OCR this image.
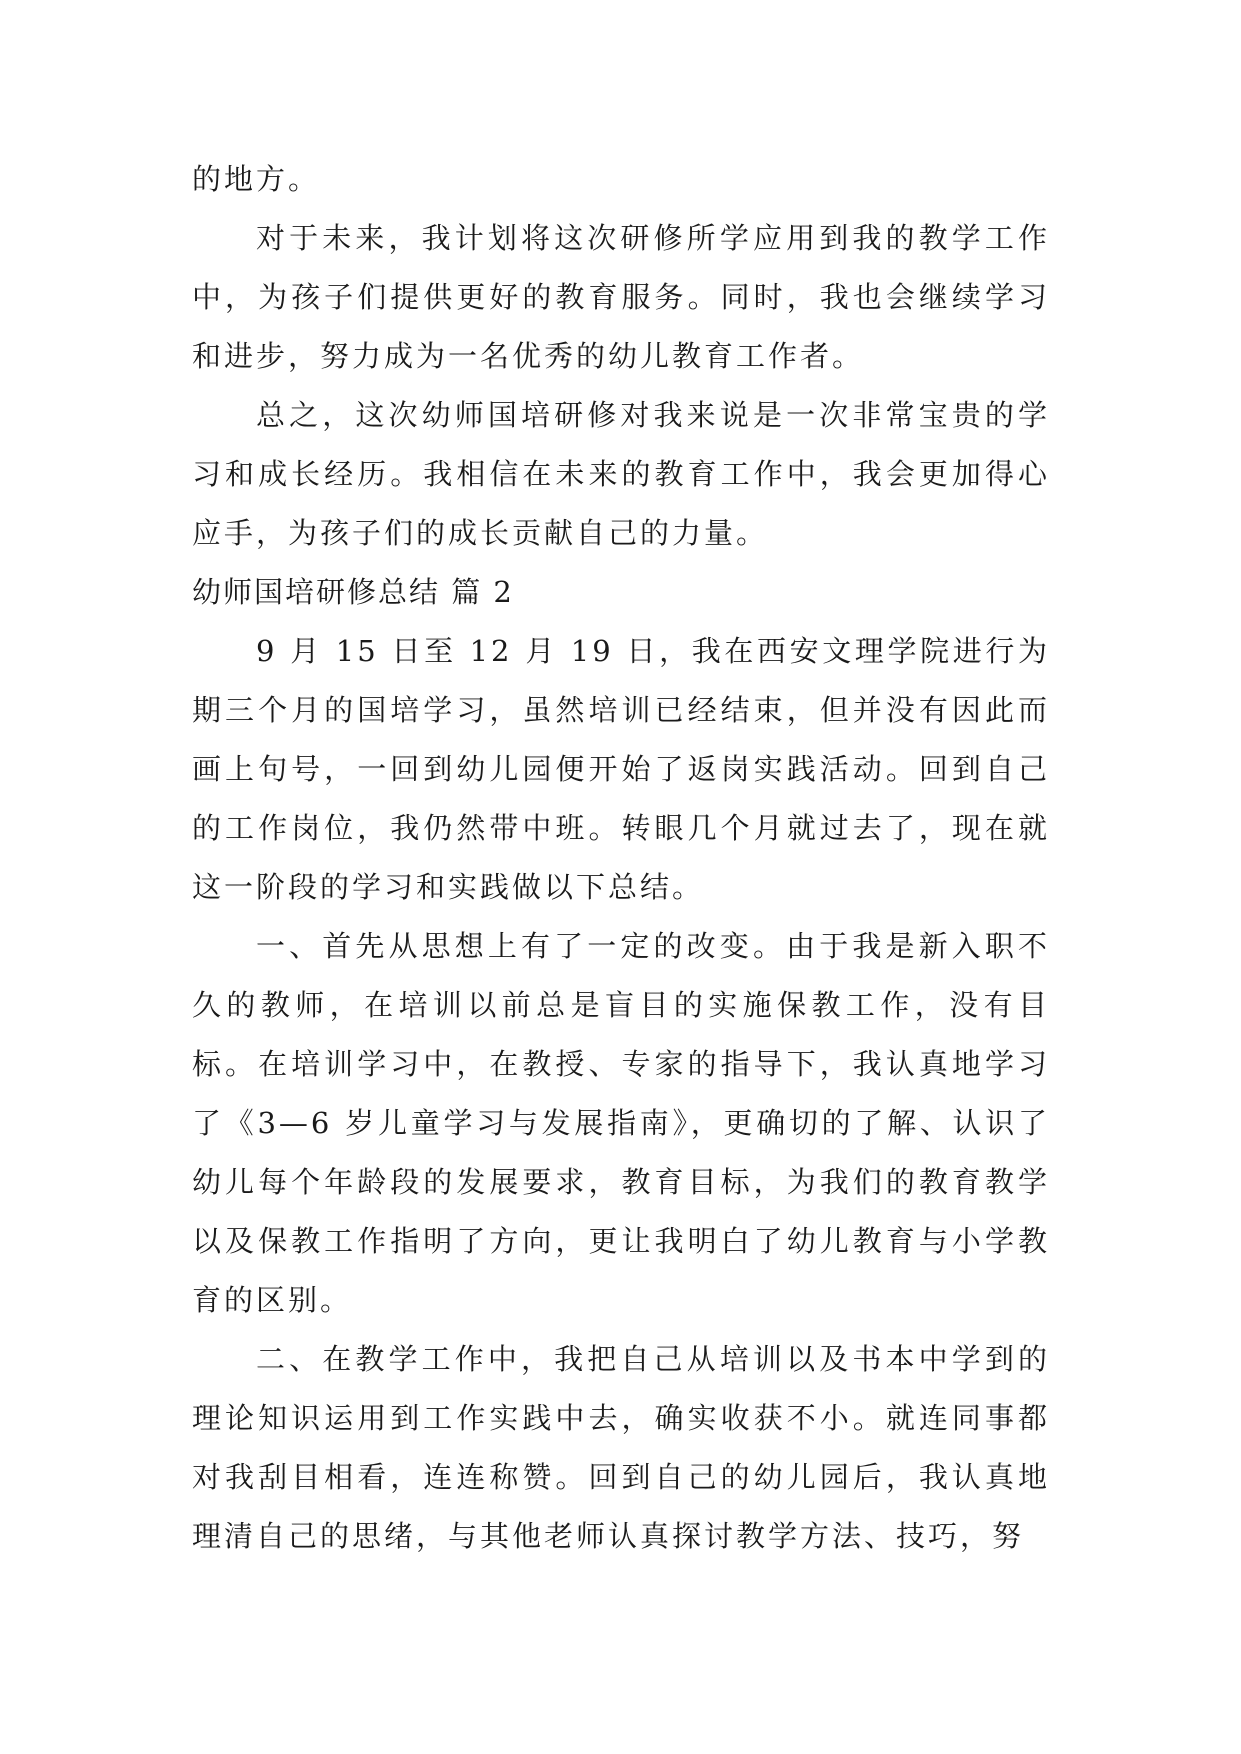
的地方。

对于未来，我计划将这次研修所学应用到我的教学工作中，为孩子们提供更好的教育服务。同时，我也会继续学习和进步，努力成为一名优秀的幼儿教育工作者。

总之，这次幼师国培研修对我来说是一次非常宝贵的学习和成长经历。我相信在未来的教育工作中，我会更加得心应手，为孩子们的成长贡献自己的力量。

幼师国培研修总结 篇 2

9 月 15 日至 12 月 19 日，我在西安文理学院进行为期三个月的国培学习，虽然培训已经结束，但并没有因此而画上句号，一回到幼儿园便开始了返岗实践活动。回到自己的工作岗位，我仍然带中班。转眼几个月就过去了，现在就这一阶段的学习和实践做以下总结。

一、首先从思想上有了一定的改变。由于我是新入职不久的教师，在培训以前总是盲目的实施保教工作，没有目标。在培训学习中，在教授、专家的指导下，我认真地学习了《3—6 岁儿童学习与发展指南》，更确切的了解、认识了幼儿每个年龄段的发展要求，教育目标，为我们的教育教学以及保教工作指明了方向，更让我明白了幼儿教育与小学教育的区别。

二、在教学工作中，我把自己从培训以及书本中学到的理论知识运用到工作实践中去，确实收获不小。就连同事都对我刮目相看，连连称赞。回到自己的幼儿园后，我认真地理清自己的思绪，与其他老师认真探讨教学方法、技巧，努
